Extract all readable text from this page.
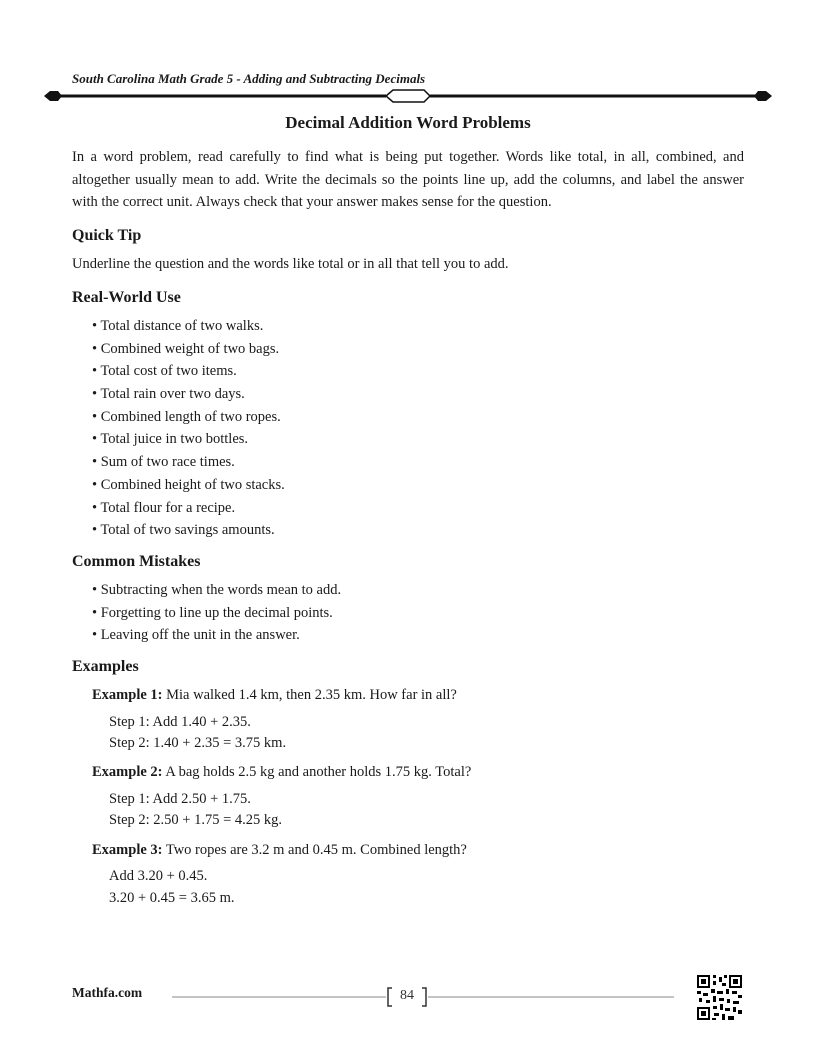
South Carolina Math Grade 5 - Adding and Subtracting Decimals
Decimal Addition Word Problems

In a word problem, read carefully to find what is being put together. Words like total, in all, combined, and altogether usually mean to add. Write the decimals so the points line up, add the columns, and label the answer with the correct unit. Always check that your answer makes sense for the question.

Quick Tip

Underline the question and the words like total or in all that tell you to add.

Real-World Use
• Total distance of two walks.
• Combined weight of two bags.
• Total cost of two items.
• Total rain over two days.
• Combined length of two ropes.
• Total juice in two bottles.
• Sum of two race times.
• Combined height of two stacks.
• Total flour for a recipe.
• Total of two savings amounts.
Common Mistakes
• Subtracting when the words mean to add.
• Forgetting to line up the decimal points.
• Leaving off the unit in the answer.
Examples

Example 1: Mia walked 1.4 km, then 2.35 km. How far in all?

Step 1: Add 1.40 + 2.35.

Step 2: 1.40 + 2.35 = 3.75 km.

Example 2: A bag holds 2.5 kg and another holds 1.75 kg. Total?

Step 1: Add 2.50 + 1.75.

Step 2: 2.50 + 1.75 = 4.25 kg.

Example 3: Two ropes are 3.2 m and 0.45 m. Combined length?

Add 3.20 + 0.45.

3.20 + 0.45 = 3.65 m.

Mathfa.com	84
